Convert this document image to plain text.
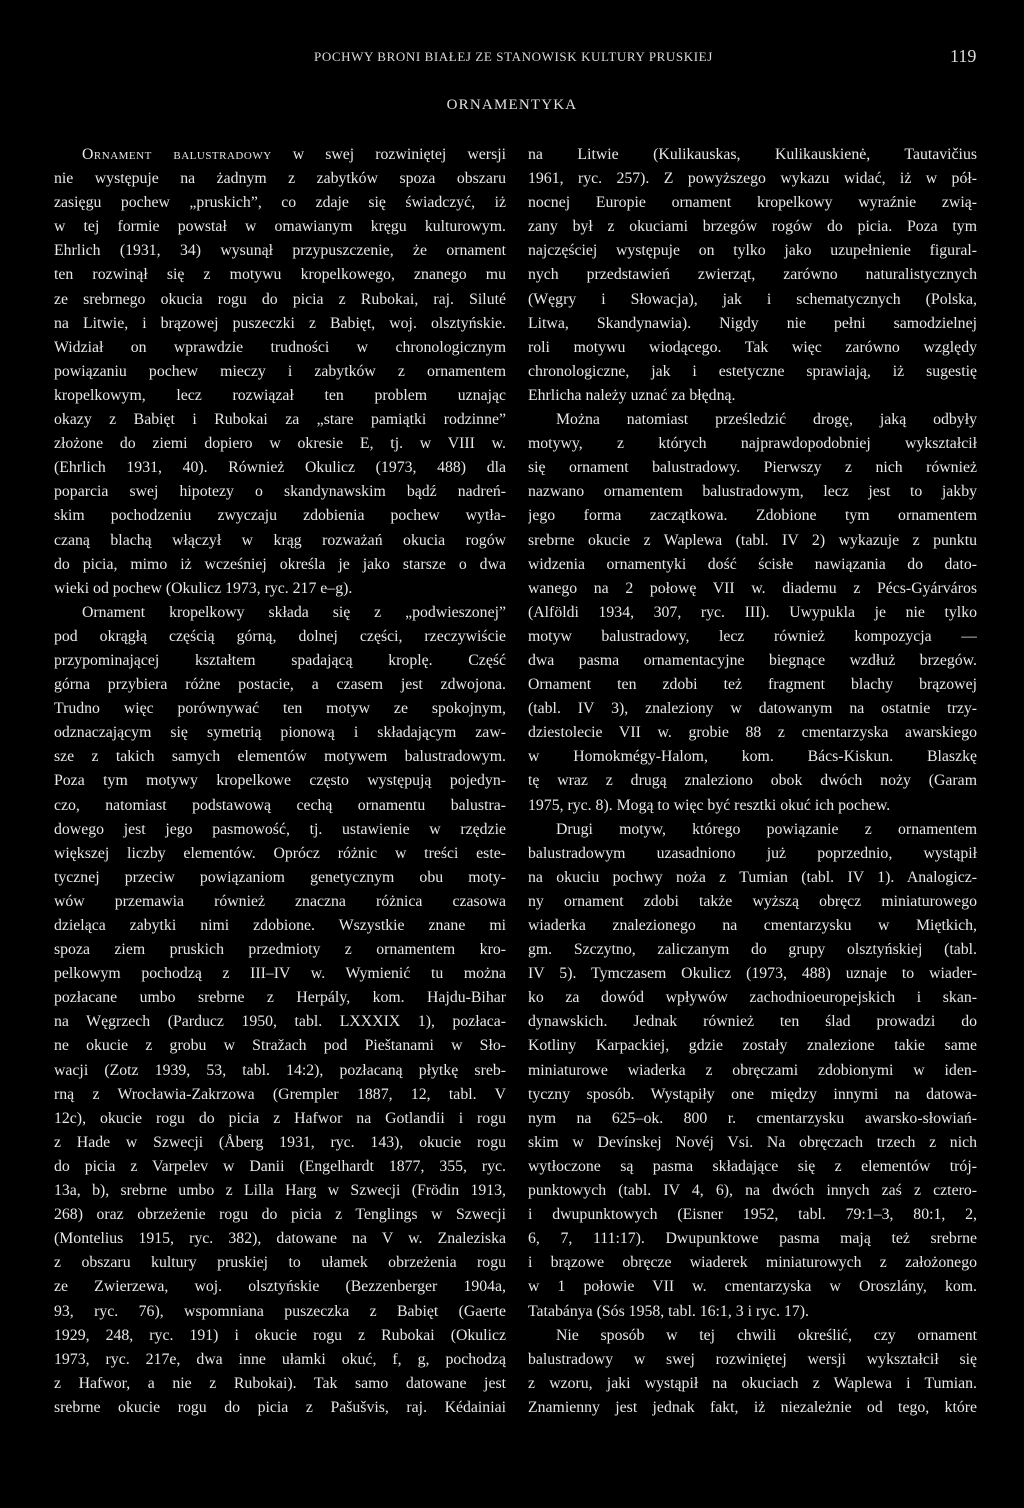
POCHWY BRONI BIAŁEJ ZE STANOWISK KULTURY PRUSKIEJ	119
ORNAMENTYKA
Ornament balustradowy w swej rozwiniętej wersji
nie występuje na żadnym z zabytków spoza obszaru
zasięgu pochew „pruskich”, co zdaje się świadczyć, iż
w tej formie powstał w omawianym kręgu kulturowym.
Ehrlich (1931, 34) wysunął przypuszczenie, że ornament
ten rozwinął się z motywu kropelkowego, znanego mu
ze srebrnego okucia rogu do picia z Rubokai, raj. Siluté
na Litwie, i brązowej puszeczki z Babięt, woj. olsztyńskie.
Widział on wprawdzie trudności w chronologicznym
powiązaniu pochew mieczy i zabytków z ornamentem
kropelkowym, lecz rozwiązał ten problem uznając
okazy z Babięt i Rubokai za „stare pamiątki rodzinne”
złożone do ziemi dopiero w okresie E, tj. w VIII w.
(Ehrlich 1931, 40). Również Okulicz (1973, 488) dla
poparcia swej hipotezy o skandynawskim bądź nadreń-
skim pochodzeniu zwyczaju zdobienia pochew wytła-
czaną blachą włączył w krąg rozważań okucia rogów
do picia, mimo iż wcześniej określa je jako starsze o dwa
wieki od pochew (Okulicz 1973, ryc. 217 e–g).
Ornament kropelkowy składa się z „podwieszonej”
pod okrągłą częścią górną, dolnej części, rzeczywiście
przypominającej kształtem spadającą kroplę. Część
górna przybiera różne postacie, a czasem jest zdwojona.
Trudno więc porównywać ten motyw ze spokojnym,
odznaczającym się symetrią pionową i składającym zaw-
sze z takich samych elementów motywem balustradowym.
Poza tym motywy kropelkowe często występują pojedyn-
czo, natomiast podstawową cechą ornamentu balustra-
dowego jest jego pasmowość, tj. ustawienie w rzędzie
większej liczby elementów. Oprócz różnic w treści este-
tycznej przeciw powiązaniom genetycznym obu moty-
wów przemawia również znaczna różnica czasowa
dzieląca zabytki nimi zdobione. Wszystkie znane mi
spoza ziem pruskich przedmioty z ornamentem kro-
pelkowym pochodzą z III–IV w. Wymienić tu można
pozłacane umbo srebrne z Herpály, kom. Hajdu-Bihar
na Węgrzech (Parducz 1950, tabl. LXXXIX 1), pozłaca-
ne okucie z grobu w Stražach pod Pieštanami w Sło-
wacji (Zotz 1939, 53, tabl. 14:2), pozłacaną płytkę sreb-
rną z Wrocławia-Zakrzowa (Grempler 1887, 12, tabl. V
12c), okucie rogu do picia z Hafwor na Gotlandii i rogu
z Hade w Szwecji (Åberg 1931, ryc. 143), okucie rogu
do picia z Varpelev w Danii (Engelhardt 1877, 355, ryc.
13a, b), srebrne umbo z Lilla Harg w Szwecji (Frödin 1913,
268) oraz obrzeżenie rogu do picia z Tenglings w Szwecji
(Montelius 1915, ryc. 382), datowane na V w. Znaleziska
z obszaru kultury pruskiej to ułamek obrzeżenia rogu
ze Zwierzewa, woj. olsztyńskie (Bezzenberger 1904a,
93, ryc. 76), wspomniana puszeczka z Babięt (Gaerte
1929, 248, ryc. 191) i okucie rogu z Rubokai (Okulicz
1973, ryc. 217e, dwa inne ułamki okuć, f, g, pochodzą
z Hafwor, a nie z Rubokai). Tak samo datowane jest
srebrne okucie rogu do picia z Pašušvis, raj. Kédainiai
na Litwie (Kulikauskas, Kulikauskienė, Tautavičius
1961, ryc. 257). Z powyższego wykazu widać, iż w pół-
nocnej Europie ornament kropelkowy wyraźnie zwią-
zany był z okuciami brzegów rogów do picia. Poza tym
najczęściej występuje on tylko jako uzupełnienie figural-
nych przedstawień zwierząt, zarówno naturalistycznych
(Węgry i Słowacja), jak i schematycznych (Polska,
Litwa, Skandynawia). Nigdy nie pełni samodzielnej
roli motywu wiodącego. Tak więc zarówno względy
chronologiczne, jak i estetyczne sprawiają, iż sugestię
Ehrlicha należy uznać za błędną.
Można natomiast prześledzić drogę, jaką odbyły
motywy, z których najprawdopodobniej wykształcił
się ornament balustradowy. Pierwszy z nich również
nazwano ornamentem balustradowym, lecz jest to jakby
jego forma zaczątkowa. Zdobione tym ornamentem
srebrne okucie z Waplewa (tabl. IV 2) wykazuje z punktu
widzenia ornamentyki dość ścisłe nawiązania do dato-
wanego na 2 połowę VII w. diademu z Pécs-Gyárváros
(Alföldi 1934, 307, ryc. III). Uwypukla je nie tylko
motyw balustradowy, lecz również kompozycja —
dwa pasma ornamentacyjne biegnące wzdłuż brzegów.
Ornament ten zdobi też fragment blachy brązowej
(tabl. IV 3), znaleziony w datowanym na ostatnie trzy-
dziestolecie VII w. grobie 88 z cmentarzyska awarskiego
w Homokmégy-Halom, kom. Bács-Kiskun. Blaszkę
tę wraz z drugą znaleziono obok dwóch noży (Garam
1975, ryc. 8). Mogą to więc być resztki okuć ich pochew.
Drugi motyw, którego powiązanie z ornamentem
balustradowym uzasadniono już poprzednio, wystąpił
na okuciu pochwy noża z Tumian (tabl. IV 1). Analogicz-
ny ornament zdobi także wyższą obręcz miniaturowego
wiaderka znalezionego na cmentarzysku w Miętkich,
gm. Szczytno, zaliczanym do grupy olsztyńskiej (tabl.
IV 5). Tymczasem Okulicz (1973, 488) uznaje to wiader-
ko za dowód wpływów zachodnioeuropejskich i skan-
dynawskich. Jednak również ten ślad prowadzi do
Kotliny Karpackiej, gdzie zostały znalezione takie same
miniaturowe wiaderka z obręczami zdobionymi w iden-
tyczny sposób. Wystąpiły one między innymi na datowa-
nym na 625–ok. 800 r. cmentarzysku awarsko-słowiań-
skim w Devínskej Novéj Vsi. Na obręczach trzech z nich
wytłoczone są pasma składające się z elementów trój-
punktowych (tabl. IV 4, 6), na dwóch innych zaś z cztero-
i dwupunktowych (Eisner 1952, tabl. 79:1–3, 80:1, 2,
6, 7, 111:17). Dwupunktowe pasma mają też srebrne
i brązowe obręcze wiaderek miniaturowych z założonego
w 1 połowie VII w. cmentarzyska w Oroszlány, kom.
Tatabánya (Sós 1958, tabl. 16:1, 3 i ryc. 17).
Nie sposób w tej chwili określić, czy ornament
balustradowy w swej rozwiniętej wersji wykształcił się
z wzoru, jaki wystąpił na okuciach z Waplewa i Tumian.
Znamienny jest jednak fakt, iż niezależnie od tego, które
